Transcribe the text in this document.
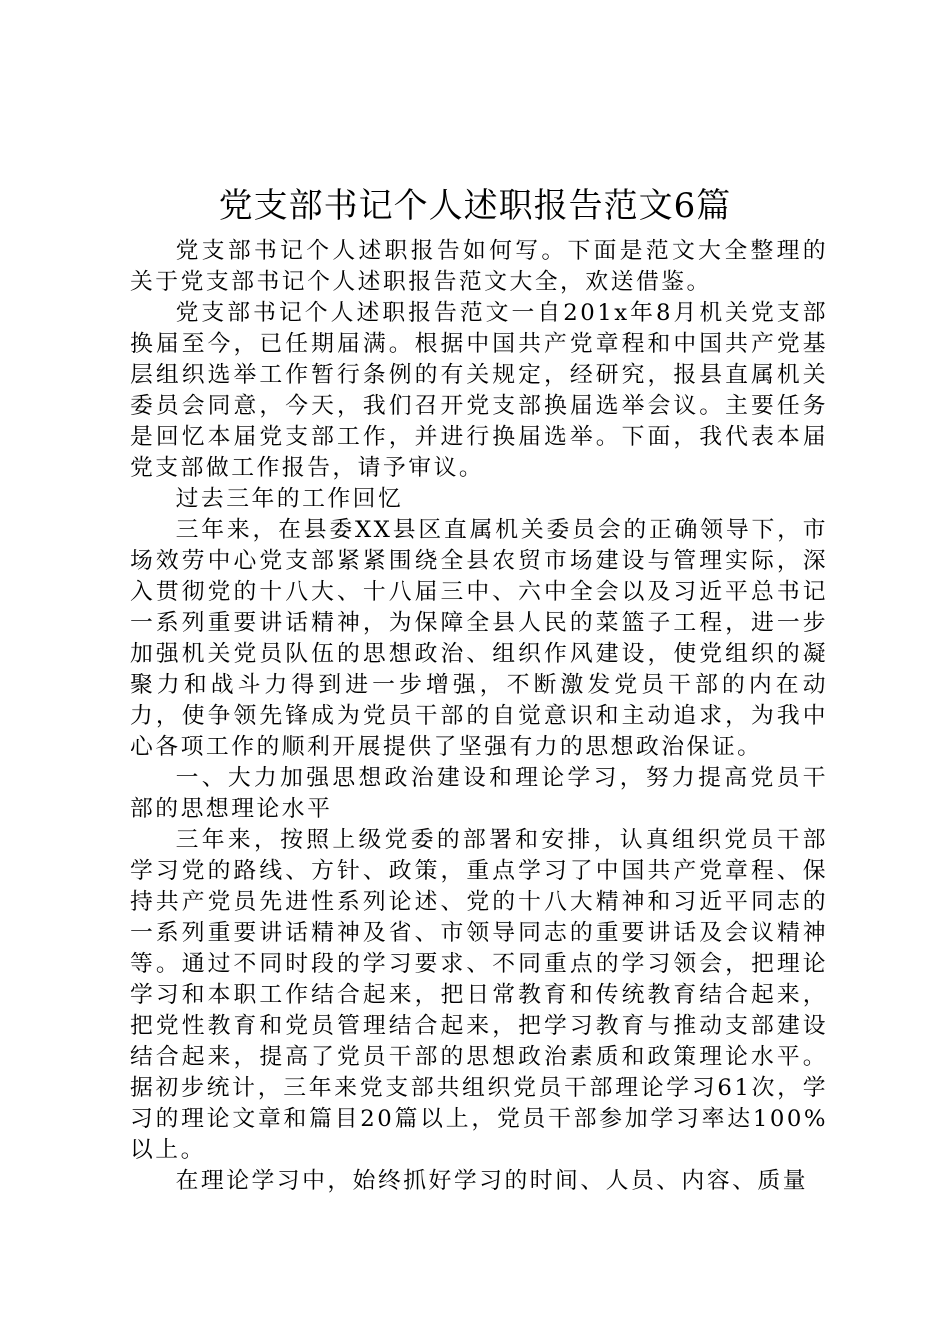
党支部书记个人述职报告范文6篇

党支部书记个人述职报告如何写。下面是范文大全整理的关于党支部书记个人述职报告范文大全，欢送借鉴。

党支部书记个人述职报告范文一自201x年8月机关党支部换届至今，已任期届满。根据中国共产党章程和中国共产党基层组织选举工作暂行条例的有关规定，经研究，报县直属机关委员会同意，今天，我们召开党支部换届选举会议。主要任务是回忆本届党支部工作，并进行换届选举。下面，我代表本届党支部做工作报告，请予审议。

过去三年的工作回忆

三年来，在县委XX县区直属机关委员会的正确领导下，市场效劳中心党支部紧紧围绕全县农贸市场建设与管理实际，深入贯彻党的十八大、十八届三中、六中全会以及习近平总书记一系列重要讲话精神，为保障全县人民的菜篮子工程，进一步加强机关党员队伍的思想政治、组织作风建设，使党组织的凝聚力和战斗力得到进一步增强，不断激发党员干部的内在动力，使争领先锋成为党员干部的自觉意识和主动追求，为我中心各项工作的顺利开展提供了坚强有力的思想政治保证。

一、大力加强思想政治建设和理论学习，努力提高党员干部的思想理论水平

三年来，按照上级党委的部署和安排，认真组织党员干部学习党的路线、方针、政策，重点学习了中国共产党章程、保持共产党员先进性系列论述、党的十八大精神和习近平同志的一系列重要讲话精神及省、市领导同志的重要讲话及会议精神等。通过不同时段的学习要求、不同重点的学习领会，把理论学习和本职工作结合起来，把日常教育和传统教育结合起来，把党性教育和党员管理结合起来，把学习教育与推动支部建设结合起来，提高了党员干部的思想政治素质和政策理论水平。据初步统计，三年来党支部共组织党员干部理论学习61次，学习的理论文章和篇目20篇以上，党员干部参加学习率达100%以上。

在理论学习中，始终抓好学习的时间、人员、内容、质量
